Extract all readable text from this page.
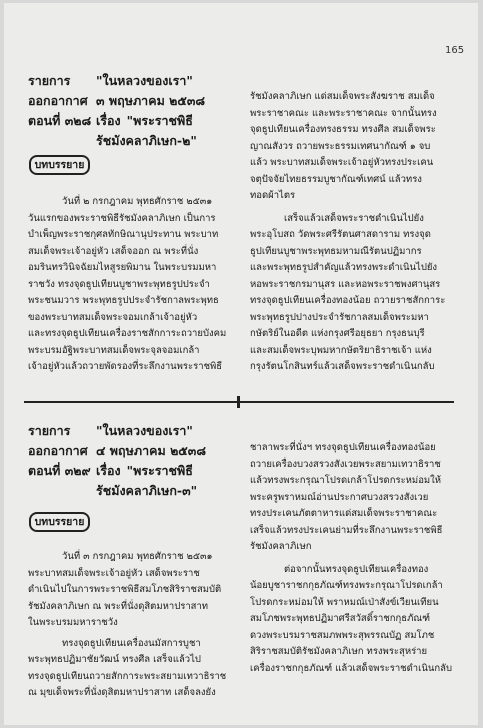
165
รายการ	"ในหลวงของเรา"
ออกอากาศ ๓ พฤษภาคม ๒๕๓๘
ตอนที่ ๓๒๘ เรื่อง "พระราชพิธี
รัชมังคลาภิเษก-๒"
บทบรรยาย

วันที่ ๒ กรกฎาคม พุทธศักราช ๒๕๓๑

วันแรกของพระราชพิธีรัชมังคลาภิเษก เป็นการ

บำเพ็ญพระราชกุศลทักษิณานุประทาน พระบาท

สมเด็จพระเจ้าอยู่หัว เสด็จออก ณ พระที่นั่ง

อมรินทรวินิจฉัยมไหสูรยพิมาน ในพระบรมมหา

ราชวัง ทรงจุดธูปเทียนบูชาพระพุทธรูปประจำ

พระชนมวาร พระพุทธรูปประจำรัชกาลพระพุทธ

ของพระบาทสมเด็จพระจอมเกล้าเจ้าอยู่หัว

และทรงจุดธูปเทียนเครื่องราชสักการะถวายบังคม

พระบรมอัฐิพระบาทสมเด็จพระจุลจอมเกล้า

เจ้าอยู่หัวแล้วถวายพัดรองที่ระลึกงานพระราชพิธี

รัชมังคลาภิเษก แด่สมเด็จพระสังฆราช สมเด็จ

พระราชาคณะ และพระราชาคณะ จากนั้นทรง

จุดธูปเทียนเครื่องทรงธรรม ทรงศีล สมเด็จพระ

ญาณสังวร ถวายพระธรรมเทศนากัณฑ์ ๑ จบ

แล้ว พระบาทสมเด็จพระเจ้าอยู่หัวทรงประเคน

จตุปัจจัยไทยธรรมบูชากัณฑ์เทศน์ แล้วทรง

ทอดผ้าไตร

เสร็จแล้วเสด็จพระราชดำเนินไปยัง

พระอุโบสถ วัดพระศรีรัตนศาสดาราม ทรงจุด

ธูปเทียนบูชาพระพุทธมหามณีรัตนปฏิมากร

และพระพุทธรูปสำคัญแล้วทรงพระดำเนินไปยัง

หอพระราชกรมานุสร และหอพระราชพงศานุสร

ทรงจุดธูปเทียนเครื่องทองน้อย ถวายราชสักการะ

พระพุทธรูปปางประจำรัชกาลสมเด็จพระมหา

กษัตริย์ในอดีต แห่งกรุงศรีอยุธยา กรุงธนบุรี

และสมเด็จพระบุพมหากษัตริยาธิราชเจ้า แห่ง

กรุงรัตนโกสินทร์แล้วเสด็จพระราชดำเนินกลับ

รายการ	"ในหลวงของเรา"
ออกอากาศ ๔ พฤษภาคม ๒๕๓๘
ตอนที่ ๓๒๙ เรื่อง "พระราชพิธี
รัชมังคลาภิเษก-๓"
บทบรรยาย

วันที่ ๓ กรกฎาคม พุทธศักราช ๒๕๓๑

พระบาทสมเด็จพระเจ้าอยู่หัว เสด็จพระราช

ดำเนินไปในการพระราชพิธีสมโภชสิริราชสมบัติ

รัชมังคลาภิเษก ณ พระที่นั่งดุสิตมหาปราสาท

ในพระบรมมหาราชวัง

ทรงจุดธูปเทียนเครื่องนมัสการบูชา

พระพุทธปฏิมาชัยวัฒน์ ทรงศีล เสร็จแล้วไป

ทรงจุดธูปเทียนถวายสักการะพระสยามเทวาธิราช

ณ มุขเด็จพระที่นั่งดุสิตมหาปราสาท เสด็จลงยัง

ชาลาพระที่นั่งฯ ทรงจุดธูปเทียนเครื่องทองน้อย

ถวายเครื่องบวงสรวงสังเวยพระสยามเทวาธิราช

แล้วทรงพระกรุณาโปรดเกล้าโปรดกระหม่อมให้

พระครูพราหมณ์อ่านประกาศบวงสรวงสังเวย

ทรงประเคนภัตตาหารแด่สมเด็จพระราชาคณะ

เสร็จแล้วทรงประเคนย่ามที่ระลึกงานพระราชพิธี

รัชมังคลาภิเษก

ต่อจากนั้นทรงจุดธูปเทียนเครื่องทอง

น้อยบูชาราชกกุธภัณฑ์ทรงพระกรุณาโปรดเกล้า

โปรดกระหม่อมให้ พราหมณ์เป่าสังข์เวียนเทียน

สมโภชพระพุทธปฏิมาศรีสวัสดิ์ราชกกุธภัณฑ์

ดวงพระบรมราชสมภพพระสุพรรณบัฏ สมโภช

สิริราชสมบัติรัชมังคลาภิเษก ทรงพระสุหร่าย

เครื่องราชกกุธภัณฑ์ แล้วเสด็จพระราชดำเนินกลับ
